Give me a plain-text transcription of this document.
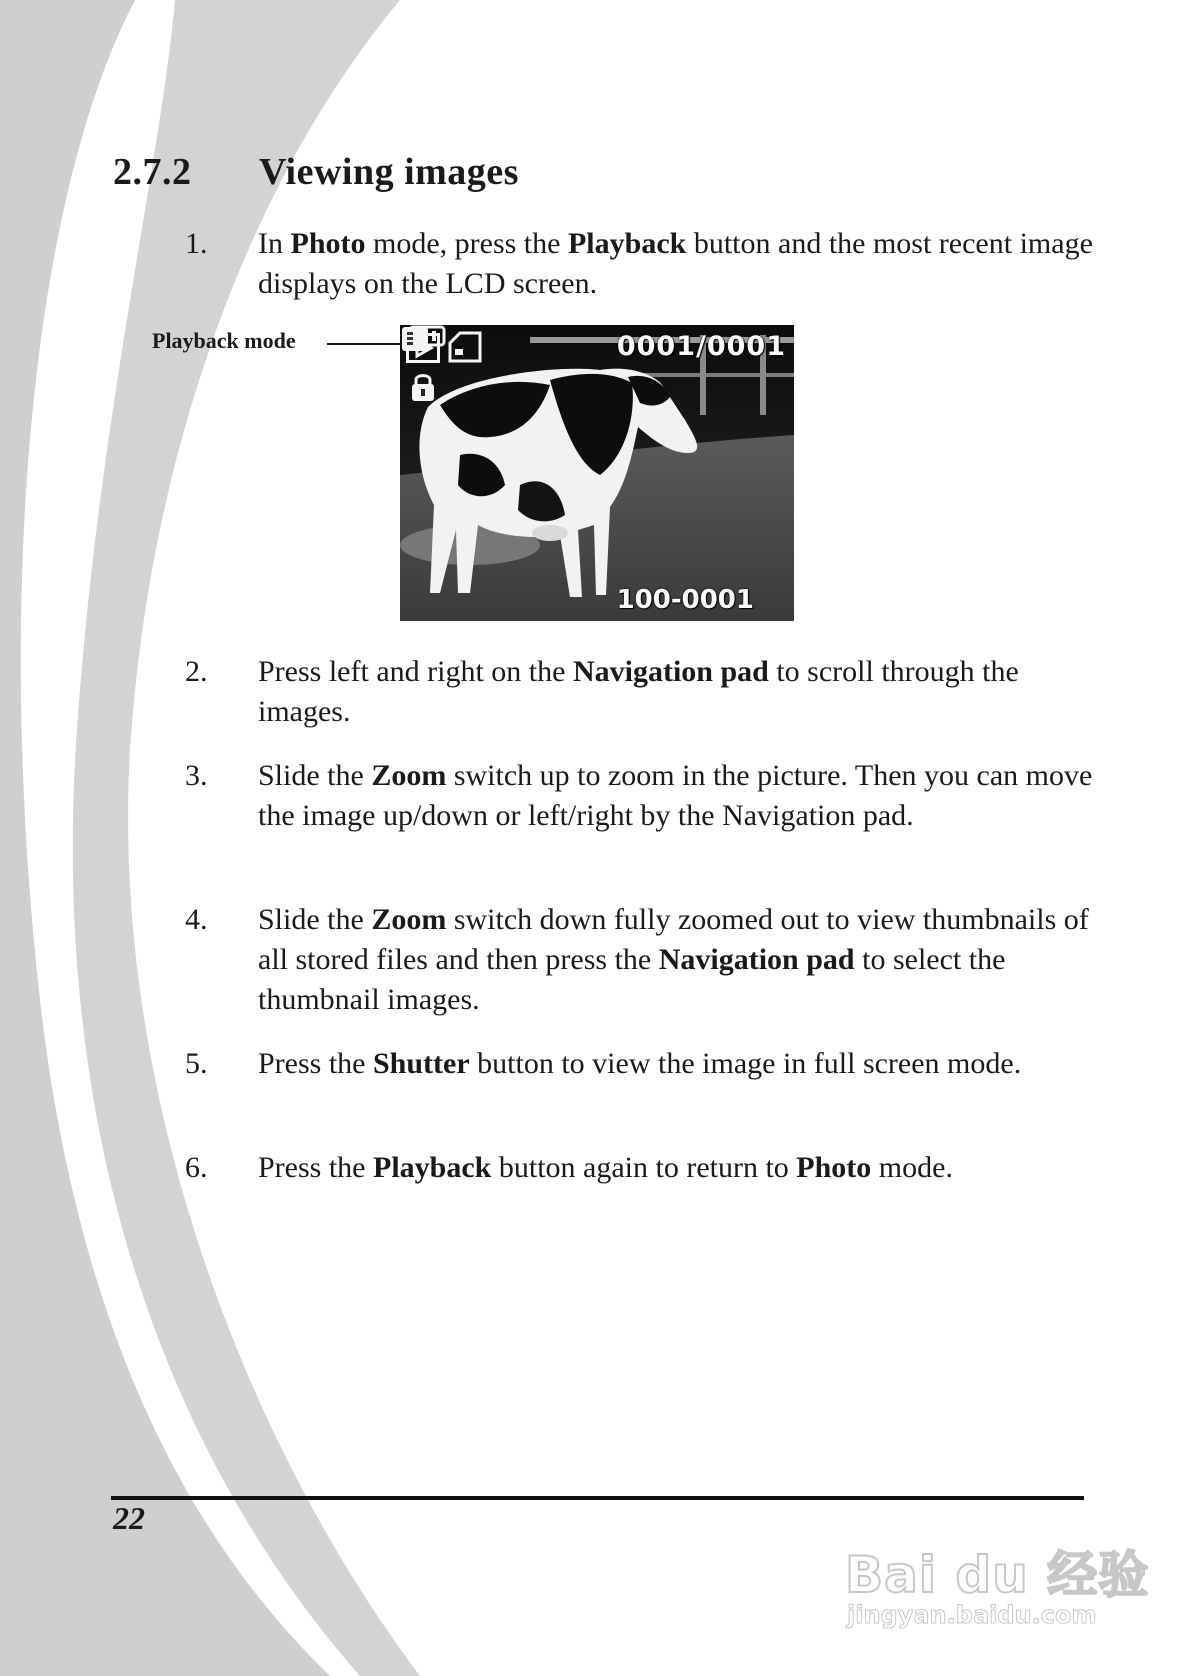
2.7.2 Viewing images
1. In Photo mode, press the Playback button and the most recent image displays on the LCD screen.
Playback mode	0001/0001
100-0001
2. Press left and right on the Navigation pad to scroll through the images.
3. Slide the Zoom switch up to zoom in the picture. Then you can move the image up/down or left/right by the Navigation pad.
4. Slide the Zoom switch down fully zoomed out to view thumbnails of all stored files and then press the Navigation pad to select the thumbnail images.
5. Press the Shutter button to view the image in full screen mode.
6. Press the Playback button again to return to Photo mode.
22
Bai du 经验
jingyan.baidu.com
